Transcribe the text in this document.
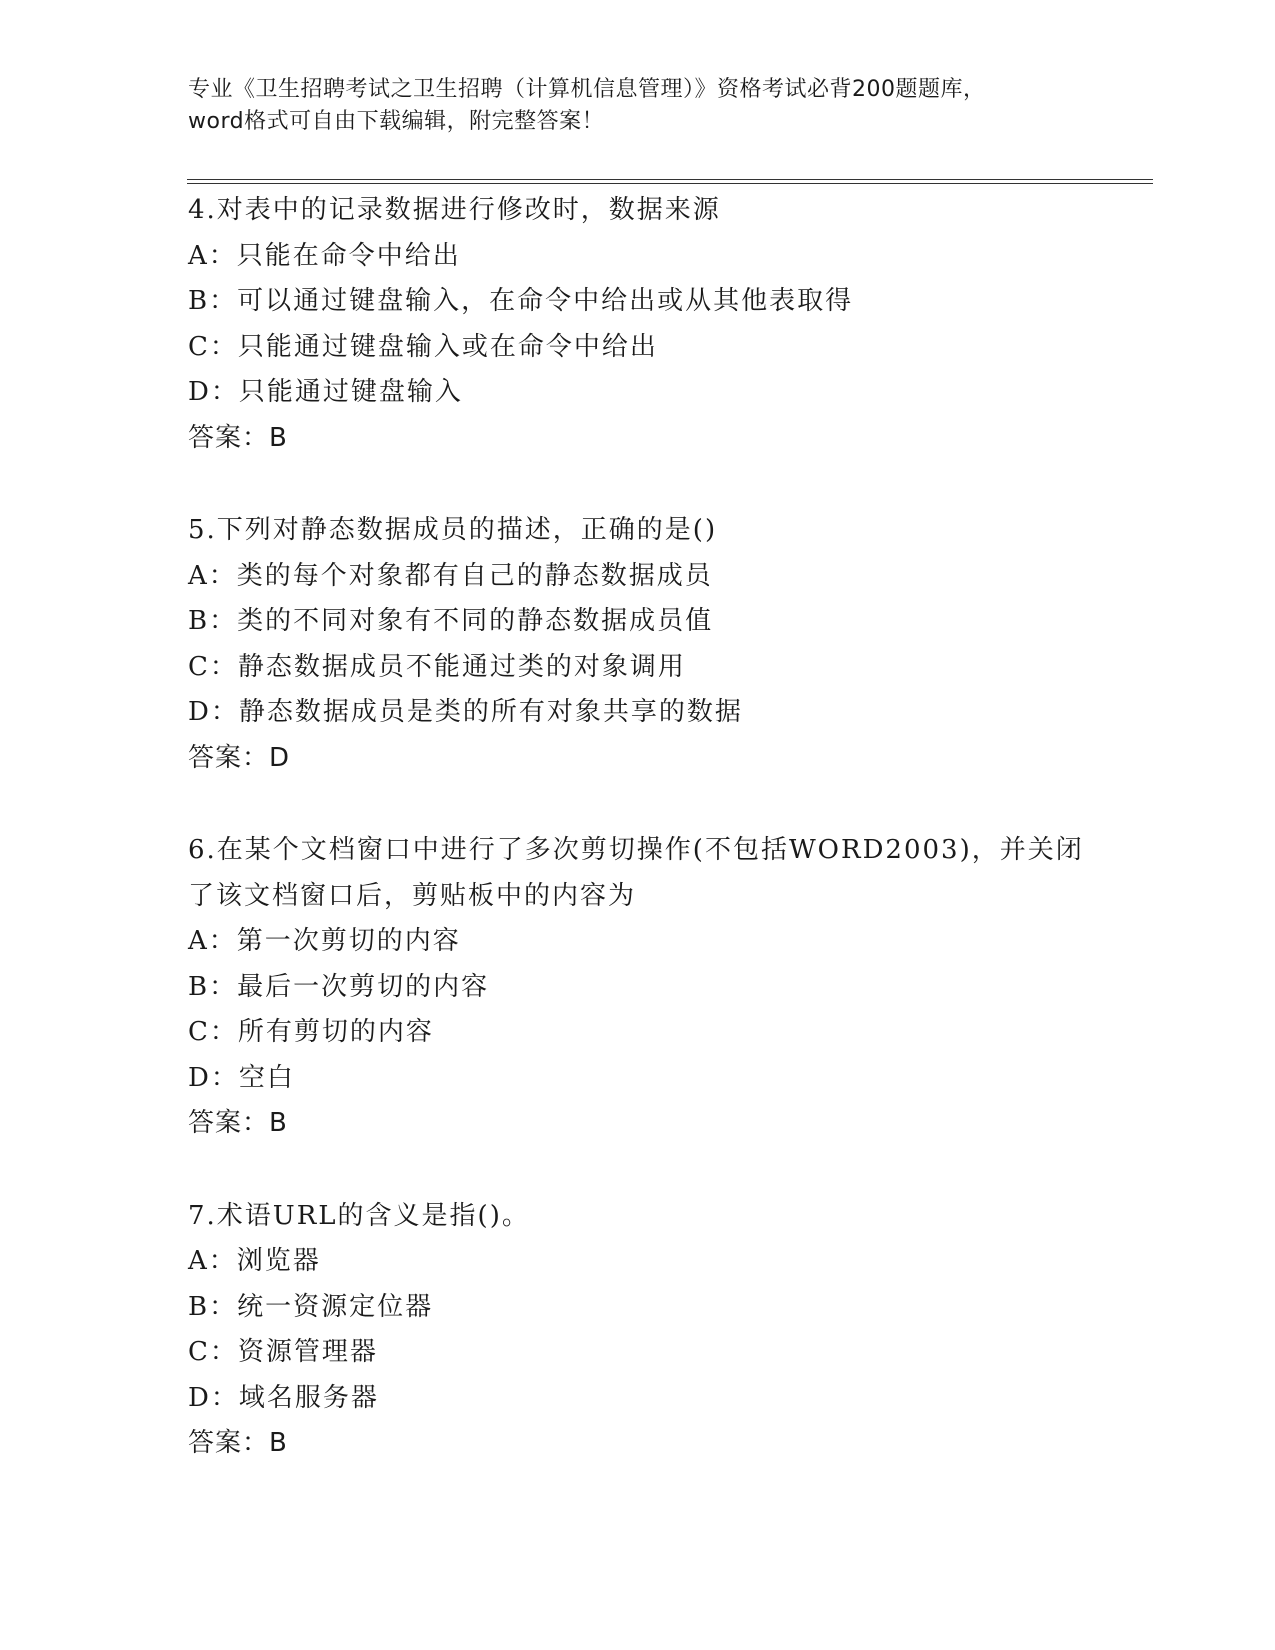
专业《卫生招聘考试之卫生招聘（计算机信息管理）》资格考试必背200题题库，
word格式可自由下载编辑，附完整答案！
4.对表中的记录数据进行修改时，数据来源
A：只能在命令中给出
B：可以通过键盘输入，在命令中给出或从其他表取得
C：只能通过键盘输入或在命令中给出
D：只能通过键盘输入
答案：B
5.下列对静态数据成员的描述，正确的是()
A：类的每个对象都有自己的静态数据成员
B：类的不同对象有不同的静态数据成员值
C：静态数据成员不能通过类的对象调用
D：静态数据成员是类的所有对象共享的数据
答案：D
6.在某个文档窗口中进行了多次剪切操作(不包括WORD2003)，并关闭
了该文档窗口后，剪贴板中的内容为
A：第一次剪切的内容
B：最后一次剪切的内容
C：所有剪切的内容
D：空白
答案：B
7.术语URL的含义是指()。
A：浏览器
B：统一资源定位器
C：资源管理器
D：域名服务器
答案：B
